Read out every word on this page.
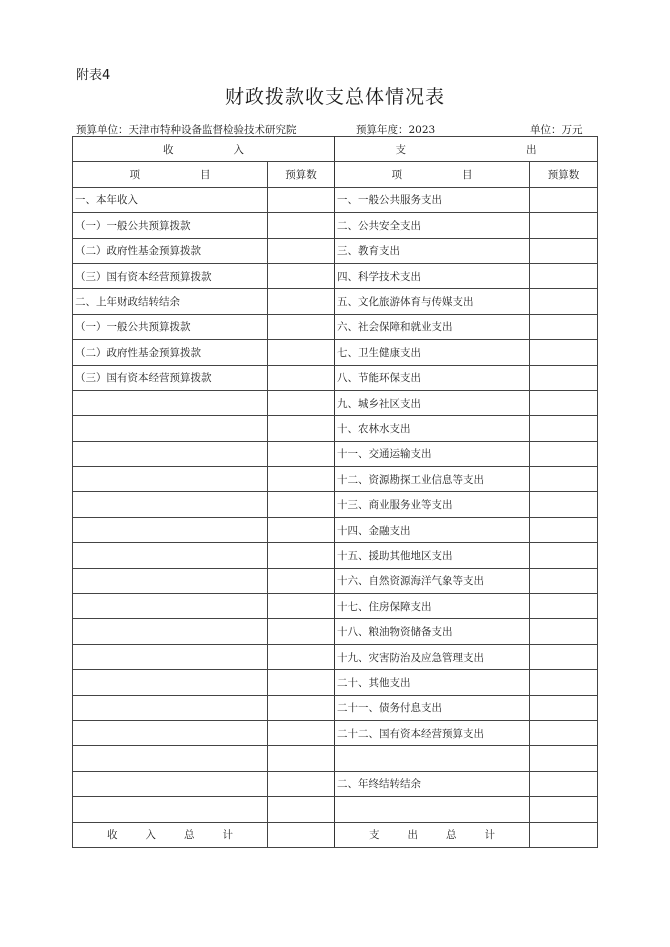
附表4
财政拨款收支总体情况表
预算单位：天津市特种设备监督检验技术研究院	预算年度：2023	单位：万元
收 入		支 出	
项 目	预算数	项 目	预算数
一、本年收入		一、一般公共服务支出	
（一）一般公共预算拨款		二、公共安全支出	
（二）政府性基金预算拨款		三、教育支出	
（三）国有资本经营预算拨款		四、科学技术支出	
二、上年财政结转结余		五、文化旅游体育与传媒支出	
（一）一般公共预算拨款		六、社会保障和就业支出	
（二）政府性基金预算拨款		七、卫生健康支出	
（三）国有资本经营预算拨款		八、节能环保支出	
		九、城乡社区支出	
		十、农林水支出	
		十一、交通运输支出	
		十二、资源勘探工业信息等支出	
		十三、商业服务业等支出	
		十四、金融支出	
		十五、援助其他地区支出	
		十六、自然资源海洋气象等支出	
		十七、住房保障支出	
		十八、粮油物资储备支出	
		十九、灾害防治及应急管理支出	
		二十、其他支出	
		二十一、债务付息支出	
		二十二、国有资本经营预算支出	

		二、年终结转结余	

收 入 总 计		支 出 总 计	
